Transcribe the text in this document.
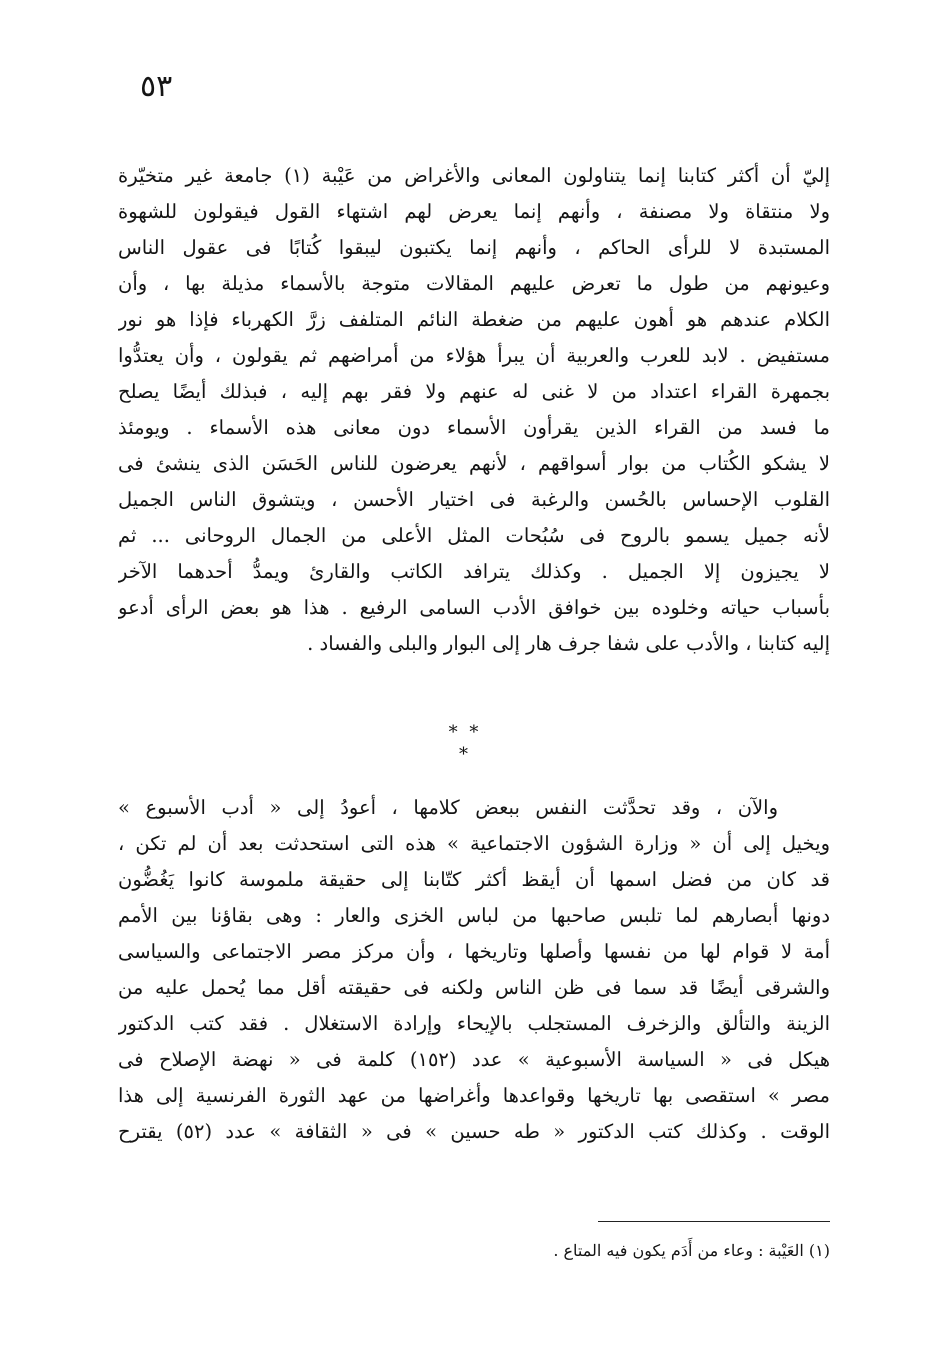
٥٣
إليّ أن أكثر كتابنا إنما يتناولون المعانى والأغراض من عَيْبة (١) جامعة غير متخيّرة
ولا منتقاة ولا مصنفة ، وأنهم إنما يعرض لهم اشتهاء القول فيقولون للشهوة
المستبدة لا للرأى الحاكم ، وأنهم إنما يكتبون ليبقوا كُتابًا فى عقول الناس
وعيونهم من طول ما تعرض عليهم المقالات متوجة بالأسماء مذيلة بها ، وأن
الكلام عندهم هو أهون عليهم من ضغطة النائم المتلفف زرَّ الكهرباء فإذا هو نور
مستفيض . لابد للعرب والعربية أن يبرأ هؤلاء من أمراضهم ثم يقولون ، وأن يعتدُّوا
بجمهرة القراء اعتداد من لا غنى له عنهم ولا فقر بهم إليه ، فبذلك أيضًا يصلح
ما فسد من القراء الذين يقرأون الأسماء دون معانى هذه الأسماء . ويومئذ
لا يشكو الكُتاب من بوار أسواقهم ، لأنهم يعرضون للناس الحَسَن الذى ينشئ فى
القلوب الإحساس بالحُسن والرغبة فى اختيار الأحسن ، ويتشوق الناس الجميل
لأنه جميل يسمو بالروح فى سُبُحات المثل الأعلى من الجمال الروحانى ... ثم
لا يجيزون إلا الجميل . وكذلك يترافد الكاتب والقارئ ويمدُّ أحدهما الآخر
بأسباب حياته وخلوده بين خوافق الأدب السامى الرفيع . هذا هو بعض الرأى أدعو
إليه كتابنا ، والأدب على شفا جرف هار إلى البوار والبلى والفساد .
* * *
والآن ، وقد تحدَّثت النفس ببعض كلامها ، أعودُ إلى « أدب الأسبوع »
ويخيل إلى أن « وزارة الشؤون الاجتماعية » هذه التى استحدثت بعد أن لم تكن ،
قد كان من فضل اسمها أن أيقظ أكثر كتّابنا إلى حقيقة ملموسة كانوا يَغُضُّون
دونها أبصارهم لما تلبس صاحبها من لباس الخزى والعار : وهى بقاؤنا بين الأمم
أمة لا قوام لها من نفسها وأصلها وتاريخها ، وأن مركز مصر الاجتماعى والسياسى
والشرقى أيضًا قد سما فى ظن الناس ولكنه فى حقيقته أقل مما يُحمل عليه من
الزينة والتألق والزخرف المستجلب بالإيحاء وإرادة الاستغلال . فقد كتب الدكتور
هيكل فى « السياسة الأسبوعية » عدد (١٥٢) كلمة فى « نهضة الإصلاح فى
مصر » استقصى بها تاريخها وقواعدها وأغراضها من عهد الثورة الفرنسية إلى هذا
الوقت . وكذلك كتب الدكتور « طه حسين » فى « الثقافة » عدد (٥٢) يقترح
(١) العَيْبة : وعاء من أَدَم يكون فيه المتاع .
